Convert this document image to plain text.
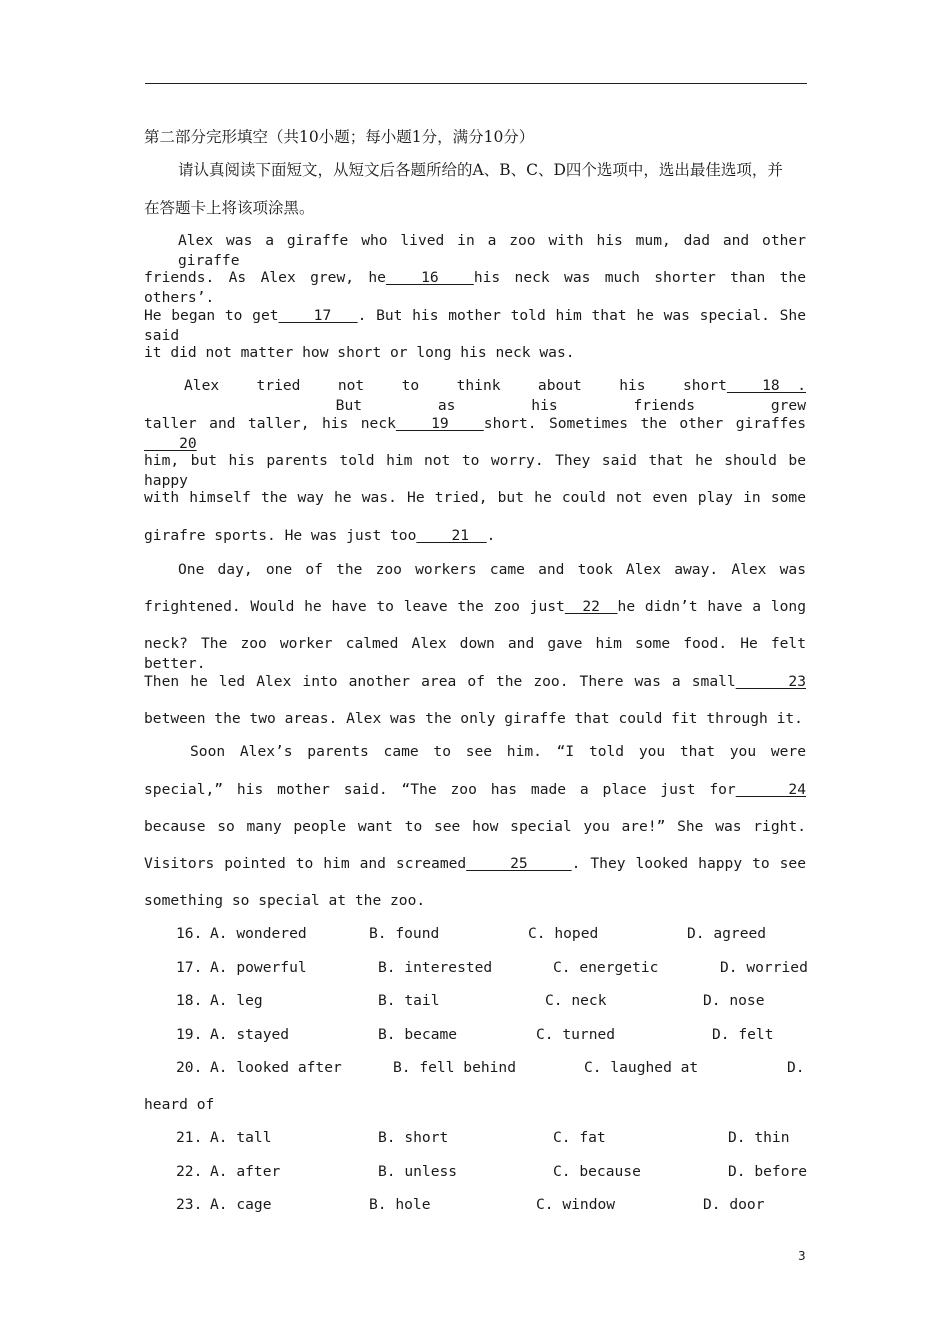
第二部分完形填空（共10小题；每小题1分，满分10分）
请认真阅读下面短文，从短文后各题所给的A、B、C、D四个选项中，选出最佳选项，并
在答题卡上将该项涂黑。
Alex was a giraffe who lived in a zoo with his mum, dad and other giraffe
friends. As Alex grew, he    16    his neck was much shorter than the others’.
He began to get    17   . But his mother told him that he was special. She said
it did not matter how short or long his neck was.
Alex tried not to think about his short    18  .  But as his friends grew
taller and taller, his neck    19    short. Sometimes the other giraffes    20
him, but his parents told him not to worry. They said that he should be happy
with himself the way he was. He tried, but he could not even play in some
girafre sports. He was just too    21  .
One day, one of the zoo workers came and took Alex away. Alex was
frightened. Would he have to leave the zoo just  22  he didn’t have a long
neck? The zoo worker calmed Alex down and gave him some food. He felt better.
Then he led Alex into another area of the zoo. There was a small      23
between the two areas. Alex was the only giraffe that could fit through it.
Soon Alex’s parents came to see him. “I told you that you were
special,” his mother said. “The zoo has made a place just for      24
because so many people want to see how special you are!” She was right.
Visitors pointed to him and screamed     25     . They looked happy to see
something so special at the zoo.
16. A. wondered	B. found	C. hoped	D. agreed
17. A. powerful	B. interested	C. energetic	D. worried
18. A. leg	B. tail	C. neck	D. nose
19. A. stayed	B. became	C. turned	D. felt
20. A. looked after	B. fell behind	C. laughed at	D.
heard of
21. A. tall	B. short	C. fat	D. thin
22. A. after	B. unless	C. because	D. before
23. A. cage	B. hole	C. window	D. door
3
